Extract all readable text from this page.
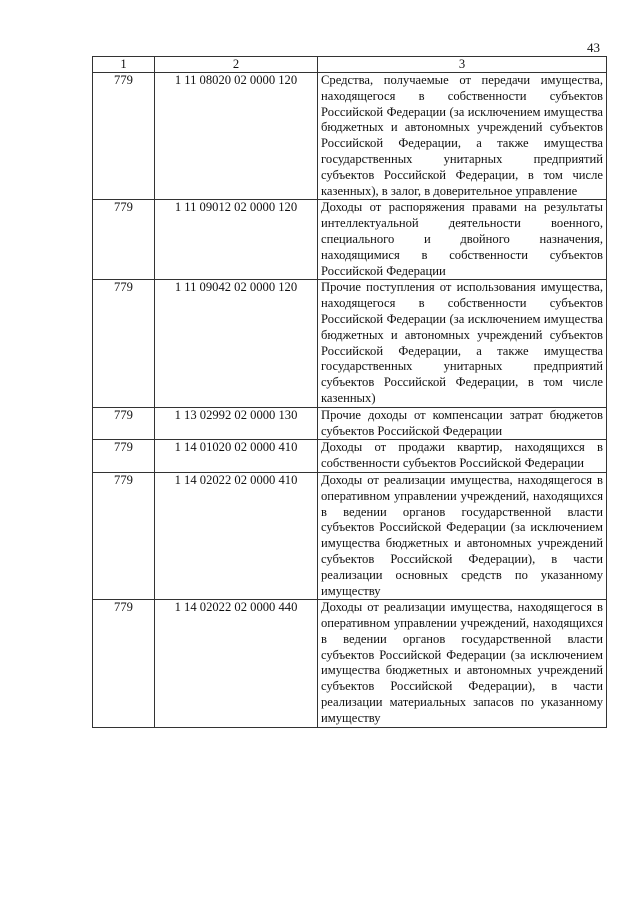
43
1	2	3
779	1 11 08020 02 0000 120	Средства, получаемые от передачи имущества, находящегося в собственности субъектов Российской Федерации (за исключением имущества бюджетных и автономных учреждений субъектов Российской Федерации, а также имущества государственных унитарных предприятий субъектов Российской Федерации, в том числе казенных), в залог, в доверительное управление

779	1 11 09012 02 0000 120	Доходы от распоряжения правами на результаты интеллектуальной деятельности военного, специального и двойного назначения, находящимися в собственности субъектов Российской Федерации

779	1 11 09042 02 0000 120	Прочие поступления от использования имущества, находящегося в собственности субъектов Российской Федерации (за исключением имущества бюджетных и автономных учреждений субъектов Российской Федерации, а также имущества государственных унитарных предприятий субъектов Российской Федерации, в том числе казенных)

779	1 13 02992 02 0000 130	Прочие доходы от компенсации затрат бюджетов субъектов Российской Федерации

779	1 14 01020 02 0000 410	Доходы от продажи квартир, находящихся в собственности субъектов Российской Федерации

779	1 14 02022 02 0000 410	Доходы от реализации имущества, находящегося в оперативном управлении учреждений, находящихся в ведении органов государственной власти субъектов Российской Федерации (за исключением имущества бюджетных и автономных учреждений субъектов Российской Федерации), в части реализации основных средств по указанному имуществу

779	1 14 02022 02 0000 440	Доходы от реализации имущества, находящегося в оперативном управлении учреждений, находящихся в ведении органов государственной власти субъектов Российской Федерации (за исключением имущества бюджетных и автономных учреждений субъектов Российской Федерации), в части реализации материальных запасов по указанному имуществу
